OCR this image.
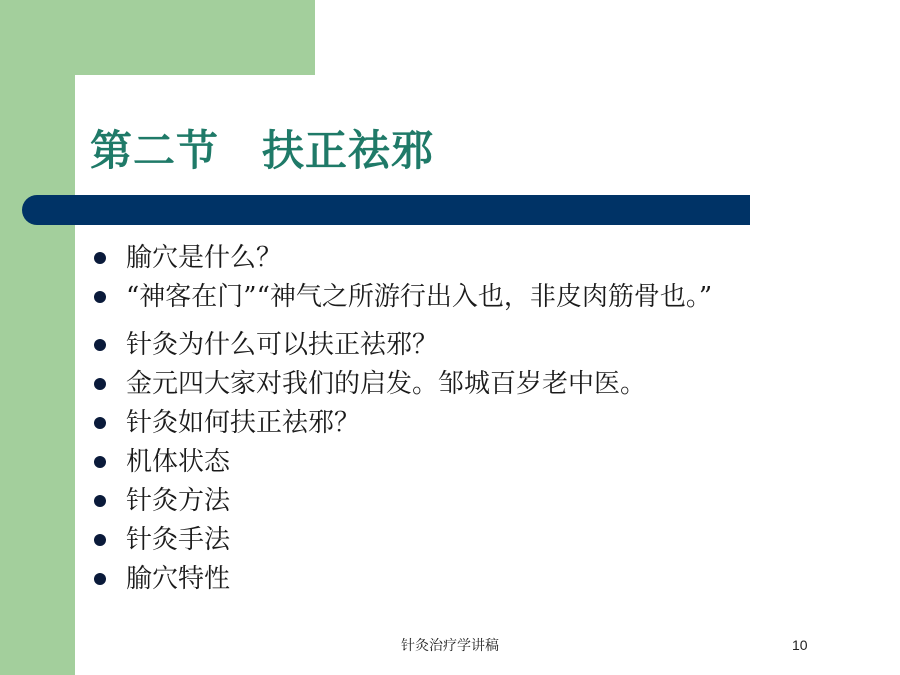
第二节　扶正祛邪
腧穴是什么？
“神客在门”“神气之所游行出入也，非皮肉筋骨也。”
针灸为什么可以扶正祛邪？
金元四大家对我们的启发。邹城百岁老中医。
针灸如何扶正祛邪？
机体状态
针灸方法
针灸手法
腧穴特性
针灸治疗学讲稿	10
